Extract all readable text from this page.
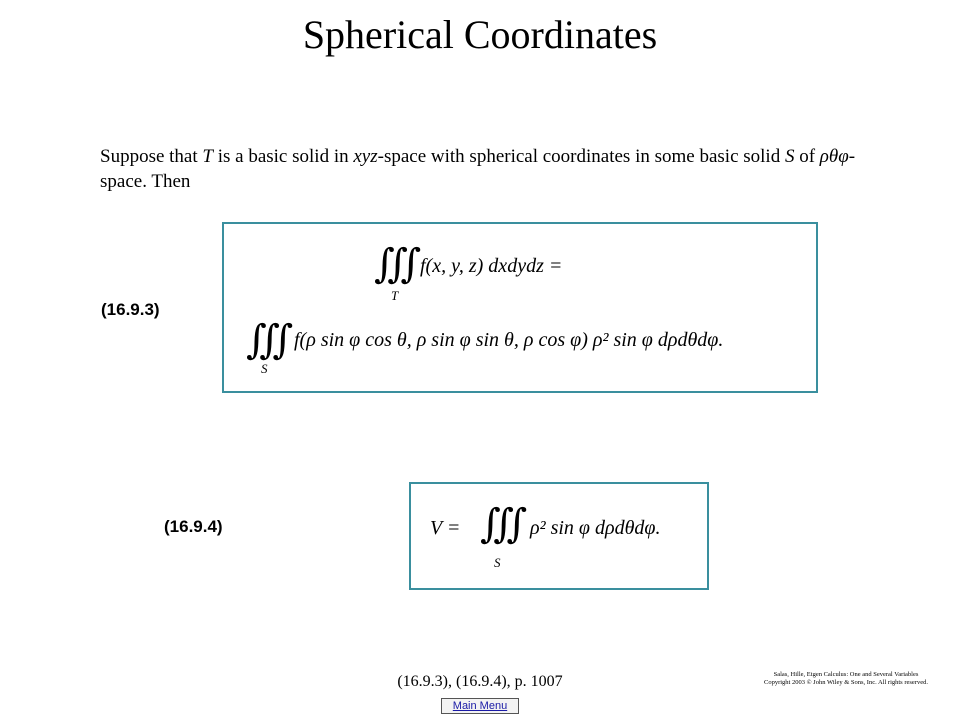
Spherical Coordinates
Suppose that T is a basic solid in xyz-space with spherical coordinates in some basic solid S of ρθφ-space. Then
(16.9.3)
∭
T
f(x, y, z) dxdydz =
∭
S
f(ρ sin φ cos θ, ρ sin φ sin θ, ρ cos φ) ρ² sin φ dρdθdφ.
(16.9.4)	V = ∭
S
ρ² sin φ dρdθdφ.
(16.9.3), (16.9.4), p. 1007	Salas, Hille, Etgen Calculus: One and Several Variables
Copyright 2003 © John Wiley & Sons, Inc. All rights reserved.
Main Menu
